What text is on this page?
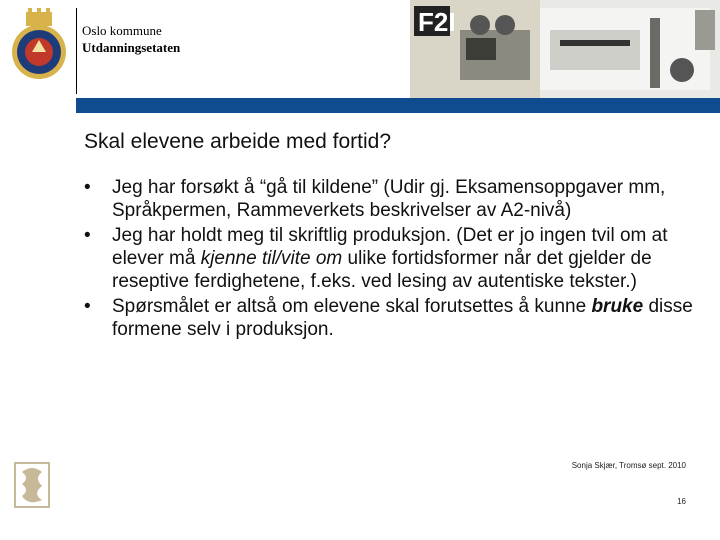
Oslo kommune
Utdanningsetaten
F2I
Skal elevene arbeide med fortid?
• Jeg har forsøkt å “gå til kildene” (Udir gj. Eksamensoppgaver mm, Språkpermen, Rammeverkets beskrivelser av A2-nivå)
• Jeg har holdt meg til skriftlig produksjon. (Det er jo ingen tvil om at elever må kjenne til/vite om ulike fortidsformer når det gjelder de reseptive ferdighetene, f.eks. ved lesing av autentiske tekster.)
• Spørsmålet er altså om elevene skal forutsettes å kunne bruke disse formene selv i produksjon.
Sonja Skjær, Tromsø sept. 2010
16
